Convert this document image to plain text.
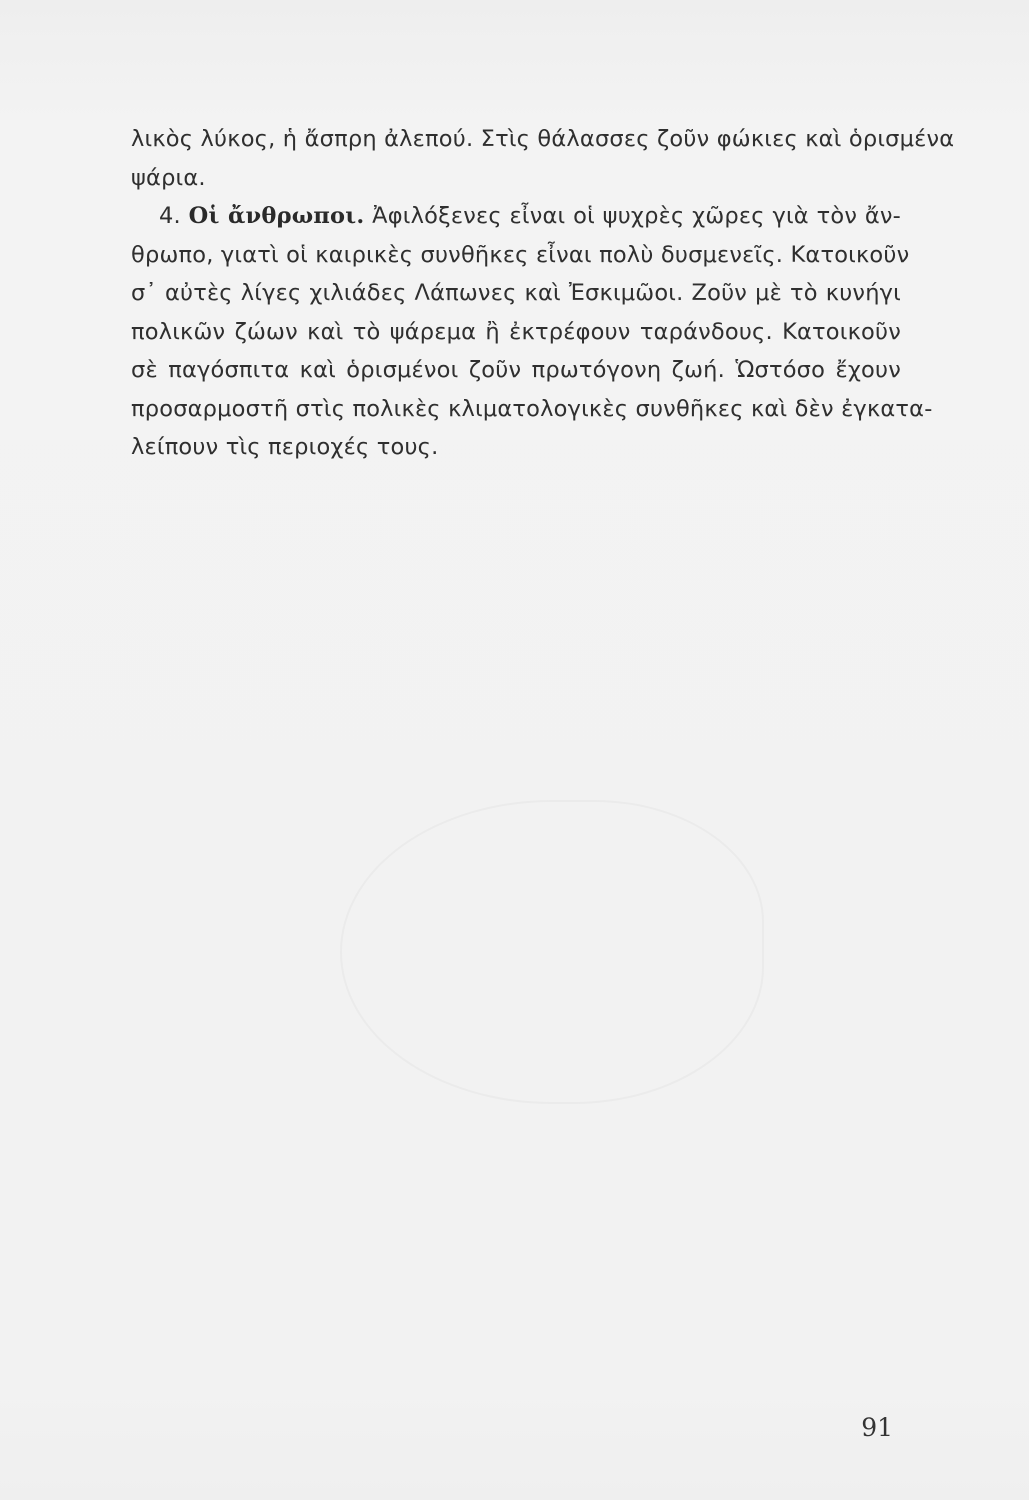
λικὸς λύκος, ἡ ἄσπρη ἀλεπού. Στὶς θάλασσες ζοῦν φώκιες καὶ ὁρισμένα
ψάρια.
4. Οἱ ἄνθρωποι. Ἀφιλόξενες εἶναι οἱ ψυχρὲς χῶρες γιὰ τὸν ἄν-
θρωπο, γιατὶ οἱ καιρικὲς συνθῆκες εἶναι πολὺ δυσμενεῖς. Κατοικοῦν
σ᾽ αὐτὲς λίγες χιλιάδες Λάπωνες καὶ Ἐσκιμῶοι. Ζοῦν μὲ τὸ κυνήγι
πολικῶν ζώων καὶ τὸ ψάρεμα ἢ ἐκτρέφουν ταράνδους. Κατοικοῦν
σὲ παγόσπιτα καὶ ὁρισμένοι ζοῦν πρωτόγονη ζωή. Ὡστόσο ἔχουν
προσαρμοστῆ στὶς πολικὲς κλιματολογικὲς συνθῆκες καὶ δὲν ἐγκατα-
λείπουν τὶς περιοχές τους.
91
